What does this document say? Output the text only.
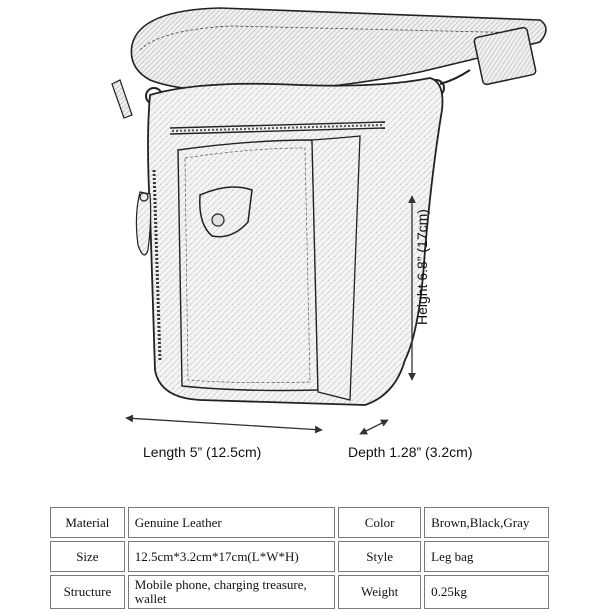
Length 5” (12.5cm)	Depth 1.28” (3.2cm)
Height 6.8” (17cm)
Material	Genuine Leather	Color	Brown,Black,Gray
Size	12.5cm*3.2cm*17cm(L*W*H)	Style	Leg bag
Structure	Mobile phone, charging treasure, wallet	Weight	0.25kg
